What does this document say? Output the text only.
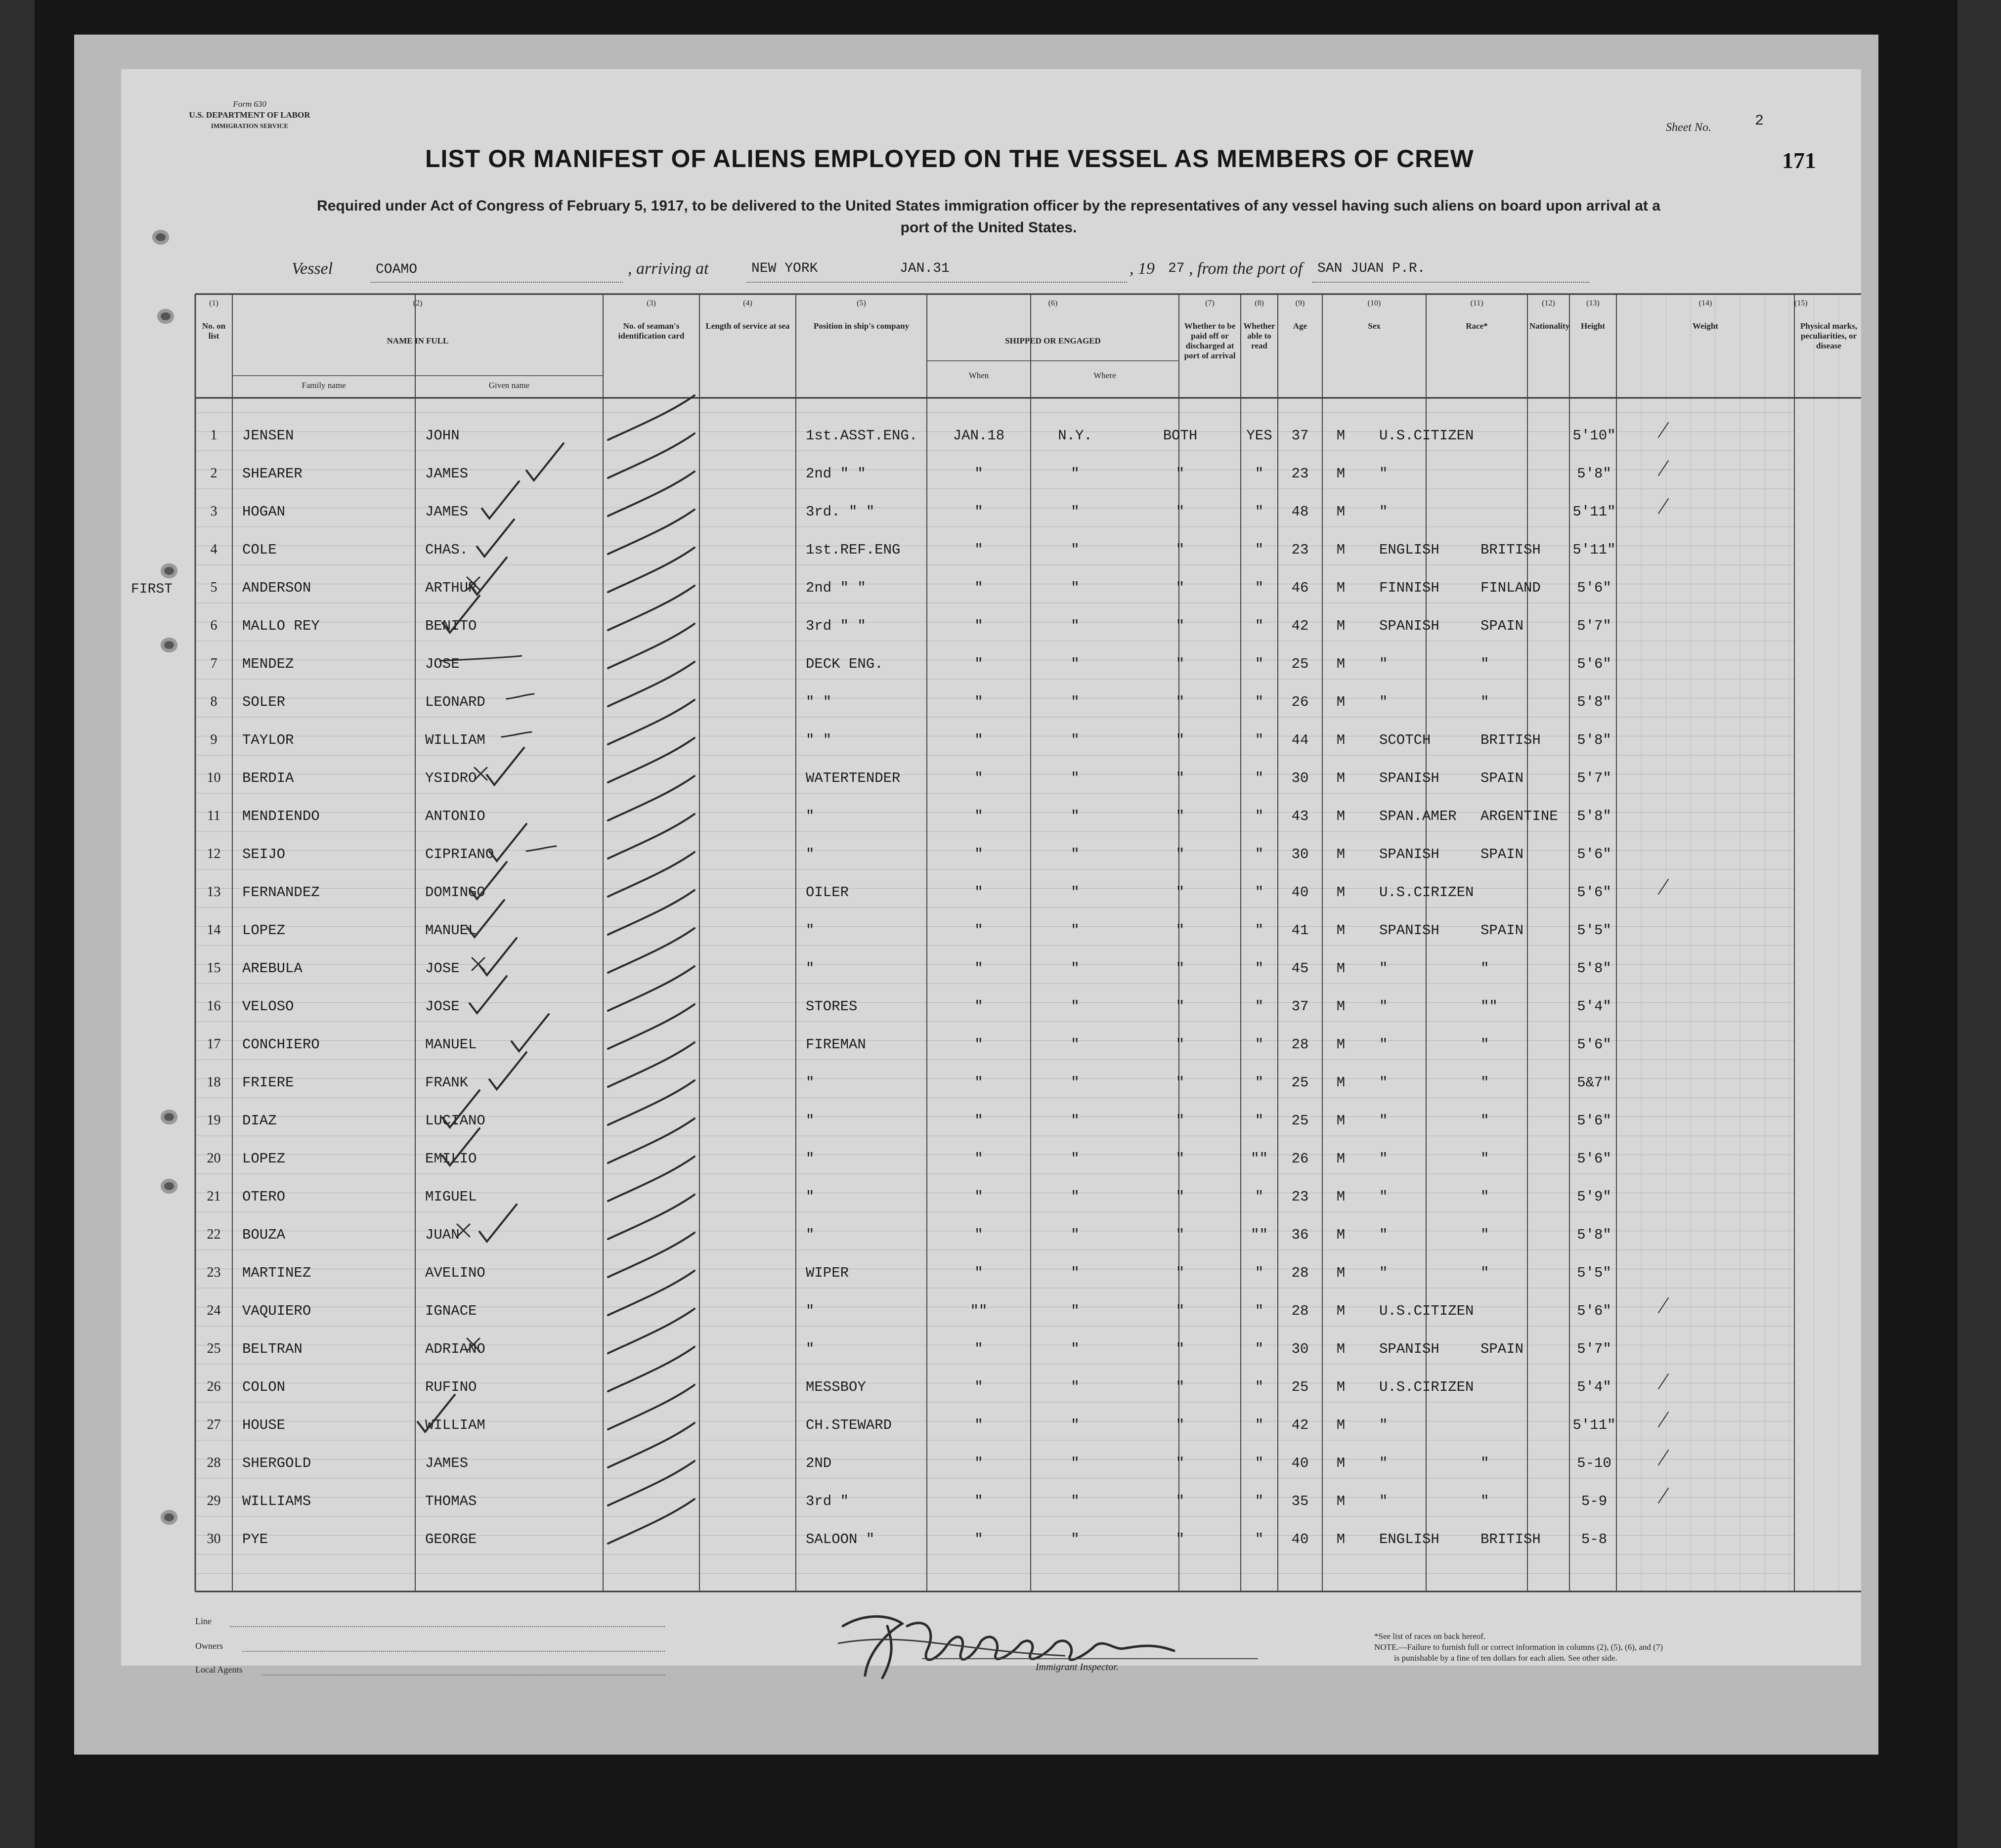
Form 630
U.S. DEPARTMENT OF LABOR
IMMIGRATION SERVICE	Sheet No.	2
171
LIST OR MANIFEST OF ALIENS EMPLOYED ON THE VESSEL AS MEMBERS OF CREW
Required under Act of Congress of February 5, 1917, to be delivered to the United States immigration officer by the representatives of any vessel having such aliens on board upon arrival at a
port of the United States.
Vessel	COAMO	, arriving at	NEW YORK	JAN.31	, 19 27 , from the port of SAN JUAN P.R.
(1)
No. on list
(2)
NAME IN FULL
Family name	Given name
(3)
No. of seaman's identification card
(4)
Length of service at sea
(5)
Position in ship's company
(6)
SHIPPED OR ENGAGED
When	Where
(7)
Whether to be paid off or discharged at port of arrival
(8)
Whether able to read
(9)
Age
(10)
Sex
(11)
Race*
(12)
Nationality
(13)
Height
(14)
Weight
(15)
Physical marks, peculiarities, or disease
FIRST
1	JENSEN	JOHN	1st.ASST.ENG.	JAN.18	N.Y.	BOTH	YES	37	M	U.S.CITIZEN	5'10"
2	SHEARER	JAMES	2nd " "	"	"	"	"	23	M	"	5'8"
3	HOGAN	JAMES	3rd. " "	"	"	"	"	48	M	"	5'11"
4	COLE	CHAS.	1st.REF.ENG	"	"	"	"	23	M	ENGLISH	BRITISH 5'11"
5	ANDERSON	ARTHUR	2nd " "	"	"	"	"	46	M	FINNISH	FINLAND	5'6"
6	MALLO REY	BENITO	3rd " "	"	"	"	"	42	M	SPANISH	SPAIN	5'7"
7	MENDEZ	JOSE	DECK ENG.	"	"	"	"	25	M	"	"	5'6"
8	SOLER	LEONARD	" "	"	"	"	"	26	M	"	"	5'8"
9	TAYLOR	WILLIAM	" "	"	"	"	"	44	M	SCOTCH	BRITISH	5'8"
10	BERDIA	YSIDRO	WATERTENDER	"	"	"	"	30	M	SPANISH	SPAIN	5'7"
11	MENDIENDO	ANTONIO	"	"	"	"	"	43	M	SPAN.AMER ARGENTINE	5'8"
12	SEIJO	CIPRIANO	"	"	"	"	"	30	M	SPANISH	SPAIN	5'6"
13	FERNANDEZ	DOMINGO	OILER	"	"	"	"	40	M	U.S.CIRIZEN	5'6"
14	LOPEZ	MANUEL	"	"	"	"	"	41	M	SPANISH	SPAIN	5'5"
15	AREBULA	JOSE	"	"	"	"	"	45	M	"	"	5'8"
16	VELOSO	JOSE	STORES	"	"	"	"	37	M	"	""	5'4"
17	CONCHIERO	MANUEL	FIREMAN	"	"	"	"	28	M	"	"	5'6"
18	FRIERE	FRANK	"	"	"	"	"	25	M	"	"	5&7"
19	DIAZ	LUCIANO	"	"	"	"	"	25	M	"	"	5'6"
20	LOPEZ	EMILIO	"	"	"	"	""	26	M	"	"	5'6"
21	OTERO	MIGUEL	"	"	"	"	"	23	M	"	"	5'9"
22	BOUZA	JUAN	"	"	"	"	""	36	M	"	"	5'8"
23	MARTINEZ	AVELINO	WIPER	"	"	"	"	28	M	"	"	5'5"
24	VAQUIERO	IGNACE	"	""	"	"	"	28	M	U.S.CITIZEN	5'6"
25	BELTRAN	ADRIANO	"	"	"	"	"	30	M	SPANISH	SPAIN	5'7"
26	COLON	RUFINO	MESSBOY	"	"	"	"	25	M	U.S.CIRIZEN	5'4"
27	HOUSE	WILLIAM	CH.STEWARD	"	"	"	"	42	M	"	5'11"
28	SHERGOLD	JAMES	2ND	"	"	"	"	40	M	"	"	5-10
29	WILLIAMS	THOMAS	3rd "	"	"	"	"	35	M	"	"	5-9
30	PYE	GEORGE	SALOON "	"	"	"	"	40	M	ENGLISH	BRITISH	5-8
Line
Owners
Local Agents	Immigrant Inspector.
*See list of races on back hereof.
NOTE.—Failure to furnish full or correct information in columns (2), (5), (6), and (7)
is punishable by a fine of ten dollars for each alien. See other side.
